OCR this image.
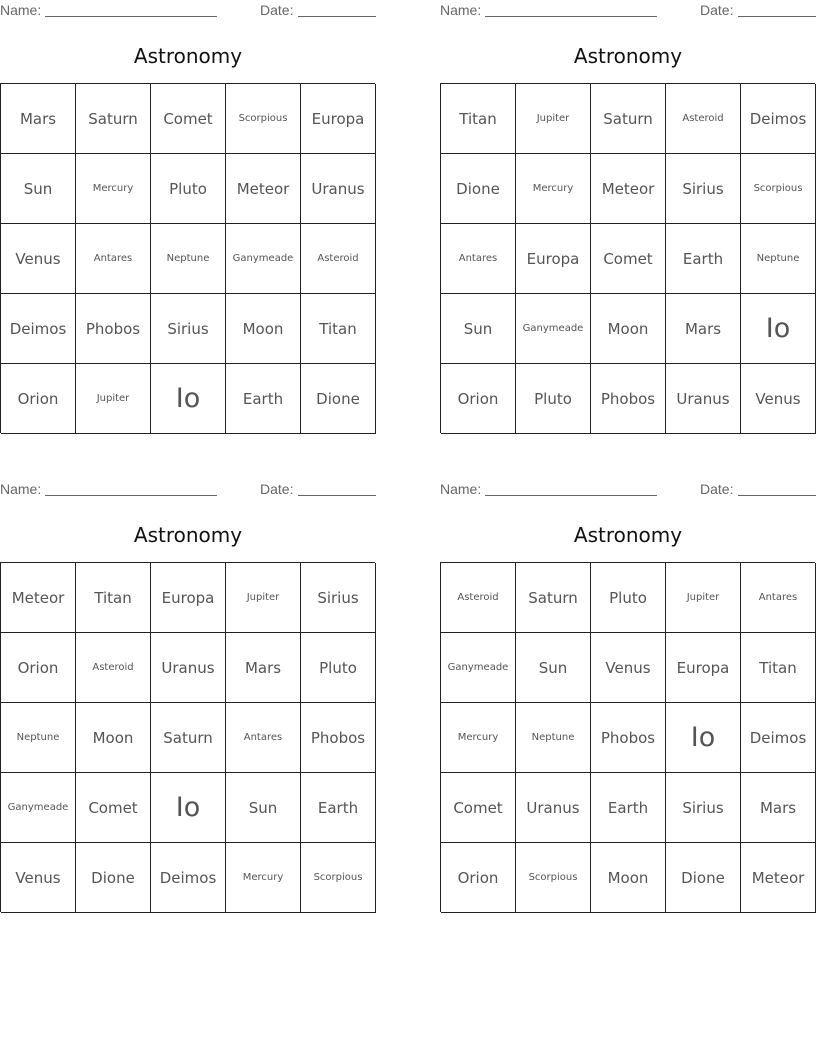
Name:	Date:
Astronomy
Mars	Saturn	Comet	Scorpious	Europa
Sun	Mercury	Pluto	Meteor	Uranus
Venus	Antares	Neptune	Ganymeade	Asteroid
Deimos	Phobos	Sirius	Moon	Titan
Orion	Jupiter	Io	Earth	Dione
Name:	Date:
Astronomy
Titan	Jupiter	Saturn	Asteroid	Deimos
Dione	Mercury	Meteor	Sirius	Scorpious
Antares	Europa	Comet	Earth	Neptune
Sun	Ganymeade	Moon	Mars	Io
Orion	Pluto	Phobos	Uranus	Venus
Name:	Date:
Astronomy
Meteor	Titan	Europa	Jupiter	Sirius
Orion	Asteroid	Uranus	Mars	Pluto
Neptune	Moon	Saturn	Antares	Phobos
Ganymeade	Comet	Io	Sun	Earth
Venus	Dione	Deimos	Mercury	Scorpious
Name:	Date:
Astronomy
Asteroid	Saturn	Pluto	Jupiter	Antares
Ganymeade	Sun	Venus	Europa	Titan
Mercury	Neptune	Phobos	Io	Deimos
Comet	Uranus	Earth	Sirius	Mars
Orion	Scorpious	Moon	Dione	Meteor
